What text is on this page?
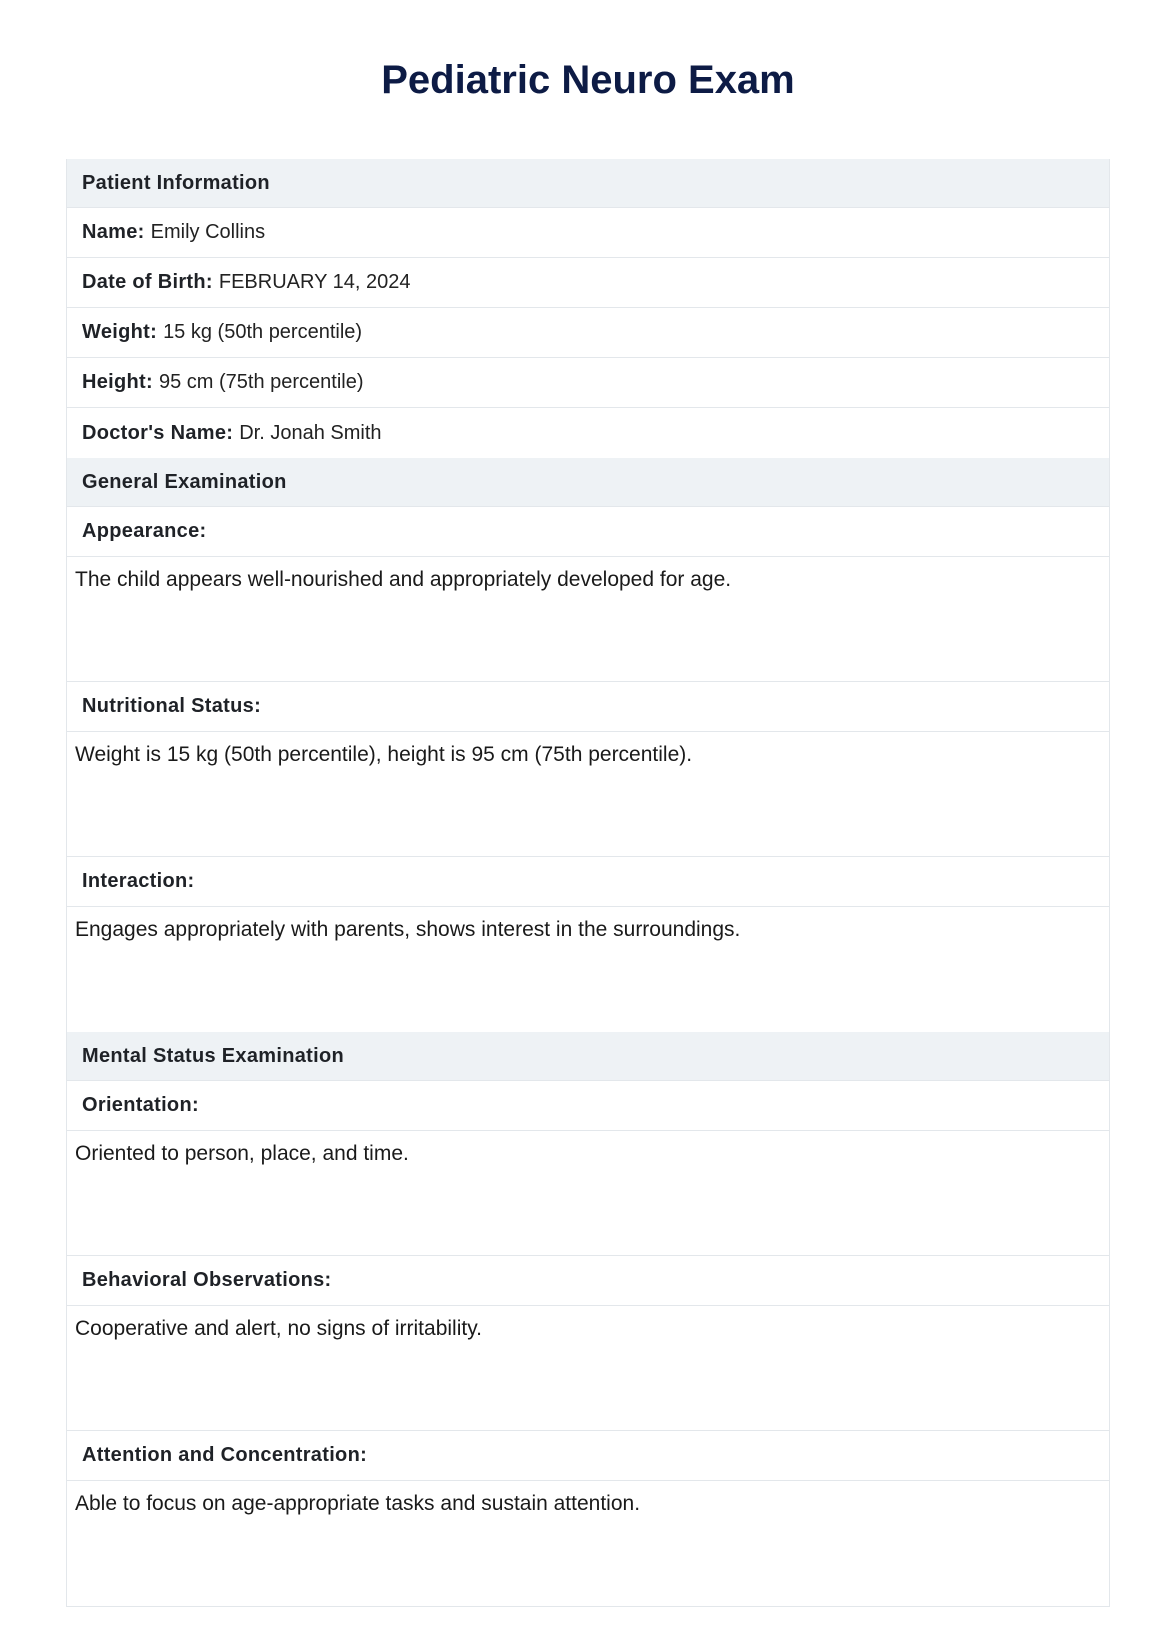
Pediatric Neuro Exam
Patient Information
Name: Emily Collins
Date of Birth: FEBRUARY 14, 2024
Weight: 15 kg (50th percentile)
Height: 95 cm (75th percentile)
Doctor's Name: Dr. Jonah Smith
General Examination
Appearance:
The child appears well-nourished and appropriately developed for age.
Nutritional Status:
Weight is 15 kg (50th percentile), height is 95 cm (75th percentile).
Interaction:
Engages appropriately with parents, shows interest in the surroundings.
Mental Status Examination
Orientation:
Oriented to person, place, and time.
Behavioral Observations:
Cooperative and alert, no signs of irritability.
Attention and Concentration:
Able to focus on age-appropriate tasks and sustain attention.
